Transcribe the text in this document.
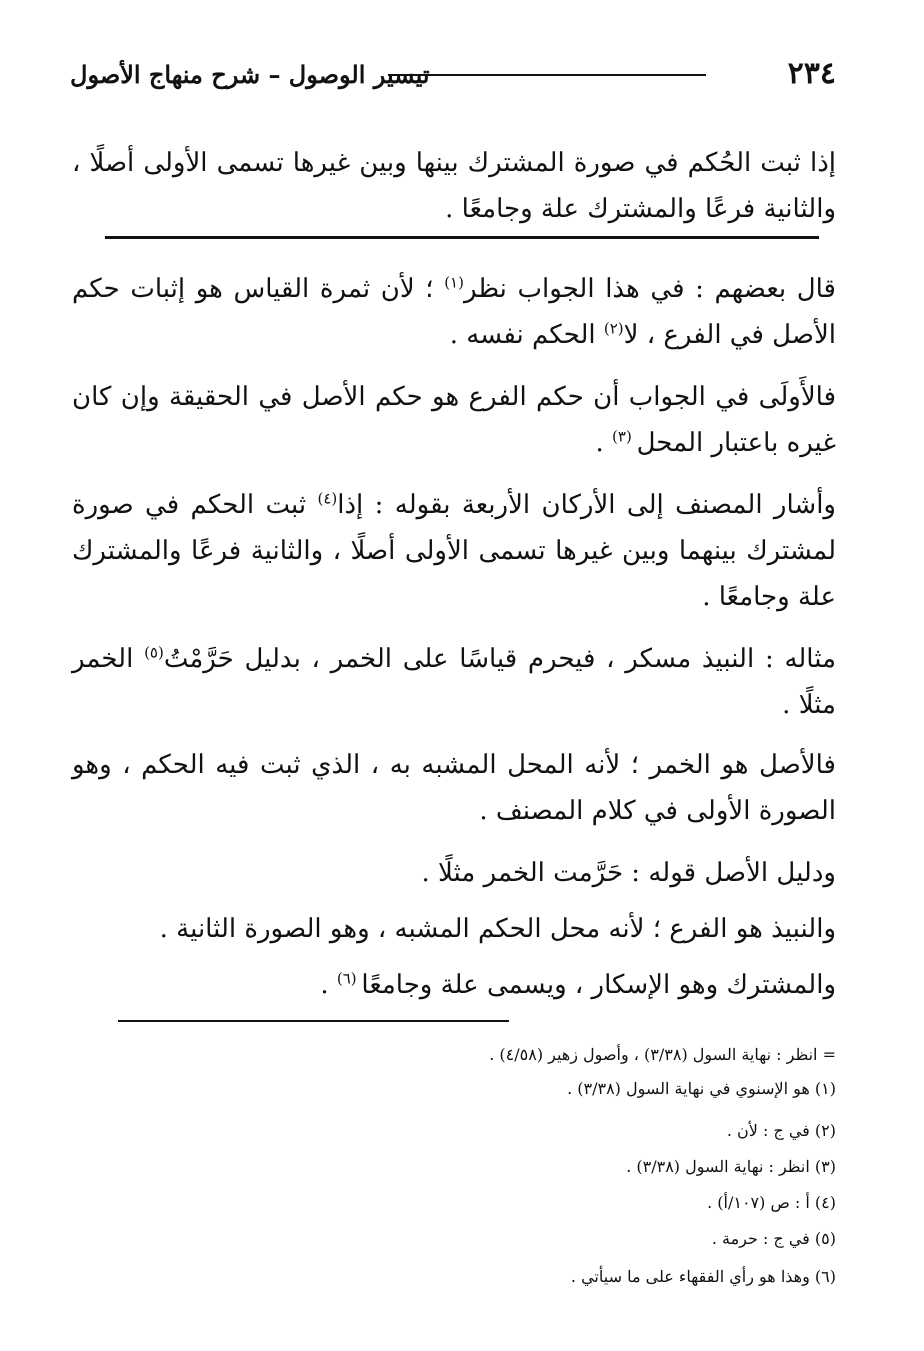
٢٣٤
تيسير الوصول – شرح منهاج الأصول

إذا ثبت الحُكم في صورة المشترك بينها وبين غيرها تسمى الأولى أصلًا ، والثانية فرعًا والمشترك علة وجامعًا .

قال بعضهم : في هذا الجواب نظر$^{(١)}$ ؛ لأن ثمرة القياس هو إثبات حكم الأصل في الفرع ، لا$^{(٢)}$ الحكم نفسه .

فالأَولَى في الجواب أن حكم الفرع هو حكم الأصل في الحقيقة وإن كان غيره باعتبار المحل $^{(٣)}$ .

وأشار المصنف إلى الأركان الأربعة بقوله : إذا$^{(٤)}$ ثبت الحكم في صورة لمشترك بينهما وبين غيرها تسمى الأولى أصلًا ، والثانية فرعًا والمشترك علة وجامعًا .

مثاله : النبيذ مسكر ، فيحرم قياسًا على الخمر ، بدليل حَرَّمْتُ$^{(٥)}$ الخمر مثلًا .

فالأصل هو الخمر ؛ لأنه المحل المشبه به ، الذي ثبت فيه الحكم ، وهو الصورة الأولى في كلام المصنف .

ودليل الأصل قوله : حَرَّمت الخمر مثلًا .

والنبيذ هو الفرع ؛ لأنه محل الحكم المشبه ، وهو الصورة الثانية .

والمشترك وهو الإسكار ، ويسمى علة وجامعًا $^{(٦)}$ .

= انظر : نهاية السول (٣/٣٨) ، وأصول زهير (٤/٥٨) .
(١) هو الإسنوي في نهاية السول (٣/٣٨) .
(٢) في ج : لأن .
(٣) انظر : نهاية السول (٣/٣٨) .
(٤) أ : ص (١٠٧/أ) .
(٥) في ج : حرمة .
(٦) وهذا هو رأي الفقهاء على ما سيأتي .
